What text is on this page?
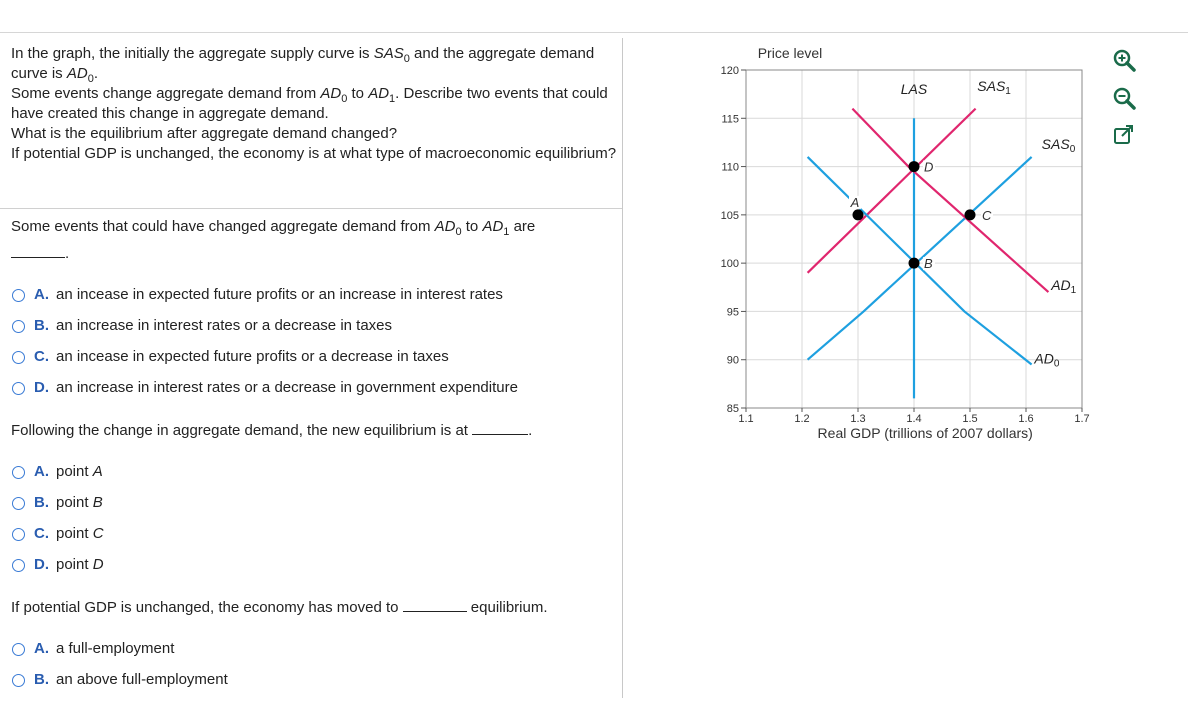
In the graph, the initially the aggregate supply curve is $SAS_0$ and the aggregate demand curve is $AD_0$.

Some events change aggregate demand from $AD_0$ to $AD_1$. Describe two events that could have created this change in aggregate demand.

What is the equilibrium after aggregate demand changed?

If potential GDP is unchanged, the economy is at what type of macroeconomic equilibrium?

Some events that could have changed aggregate demand from $AD_0$ to $AD_1$ are
.
A. an incease in expected future profits or an increase in interest rates
B. an increase in interest rates or a decrease in taxes
C. an incease in expected future profits or a decrease in taxes
D. an increase in interest rates or a decrease in government expenditure
Following the change in aggregate demand, the new equilibrium is at	.
A. point
A
B. point
B
C. point
C
D. point
D
If potential GDP is unchanged, the economy has moved to	equilibrium.
A. a full-employment
B. an above full-employment
85
90
95
100
105
110
115
120
1.1	1.2	1.3	1.4	1.5	1.6	1.7
Price level
Real GDP (trillions of 2007 dollars)
LAS	$SAS_1$
$SAS_0$
$AD_1$
$AD_0$
A
B
C
D
